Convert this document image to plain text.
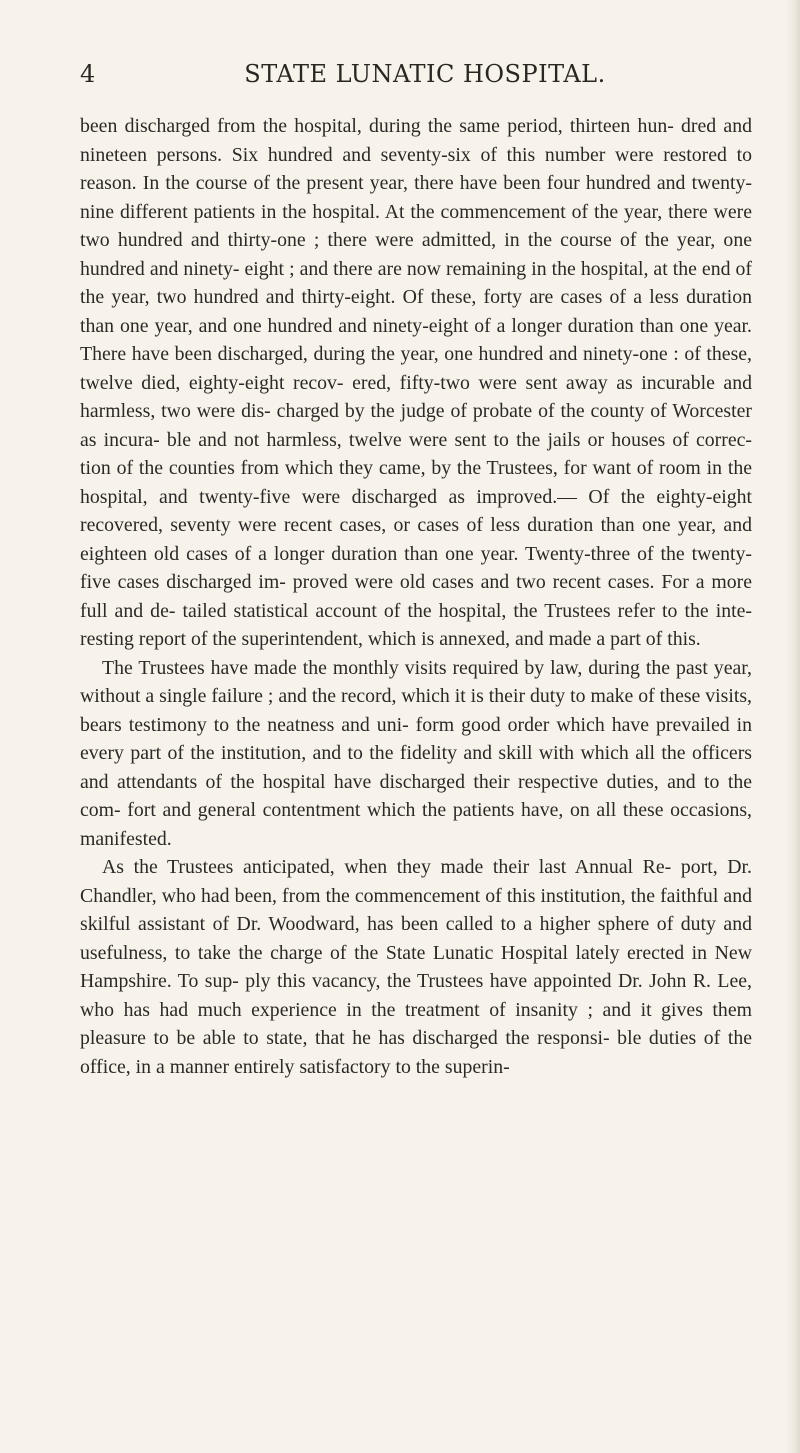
4	STATE LUNATIC HOSPITAL.

been discharged from the hospital, during the same period, thirteen hun- dred and nineteen persons. Six hundred and seventy-six of this number were restored to reason. In the course of the present year, there have been four hundred and twenty-nine different patients in the hospital. At the commencement of the year, there were two hundred and thirty-one ; there were admitted, in the course of the year, one hundred and ninety- eight ; and there are now remaining in the hospital, at the end of the year, two hundred and thirty-eight. Of these, forty are cases of a less duration than one year, and one hundred and ninety-eight of a longer duration than one year. There have been discharged, during the year, one hundred and ninety-one : of these, twelve died, eighty-eight recov- ered, fifty-two were sent away as incurable and harmless, two were dis- charged by the judge of probate of the county of Worcester as incura- ble and not harmless, twelve were sent to the jails or houses of correc- tion of the counties from which they came, by the Trustees, for want of room in the hospital, and twenty-five were discharged as improved.— Of the eighty-eight recovered, seventy were recent cases, or cases of less duration than one year, and eighteen old cases of a longer duration than one year. Twenty-three of the twenty-five cases discharged im- proved were old cases and two recent cases. For a more full and de- tailed statistical account of the hospital, the Trustees refer to the inte- resting report of the superintendent, which is annexed, and made a part of this.

The Trustees have made the monthly visits required by law, during the past year, without a single failure ; and the record, which it is their duty to make of these visits, bears testimony to the neatness and uni- form good order which have prevailed in every part of the institution, and to the fidelity and skill with which all the officers and attendants of the hospital have discharged their respective duties, and to the com- fort and general contentment which the patients have, on all these occasions, manifested.

As the Trustees anticipated, when they made their last Annual Re- port, Dr. Chandler, who had been, from the commencement of this institution, the faithful and skilful assistant of Dr. Woodward, has been called to a higher sphere of duty and usefulness, to take the charge of the State Lunatic Hospital lately erected in New Hampshire. To sup- ply this vacancy, the Trustees have appointed Dr. John R. Lee, who has had much experience in the treatment of insanity ; and it gives them pleasure to be able to state, that he has discharged the responsi- ble duties of the office, in a manner entirely satisfactory to the superin-
